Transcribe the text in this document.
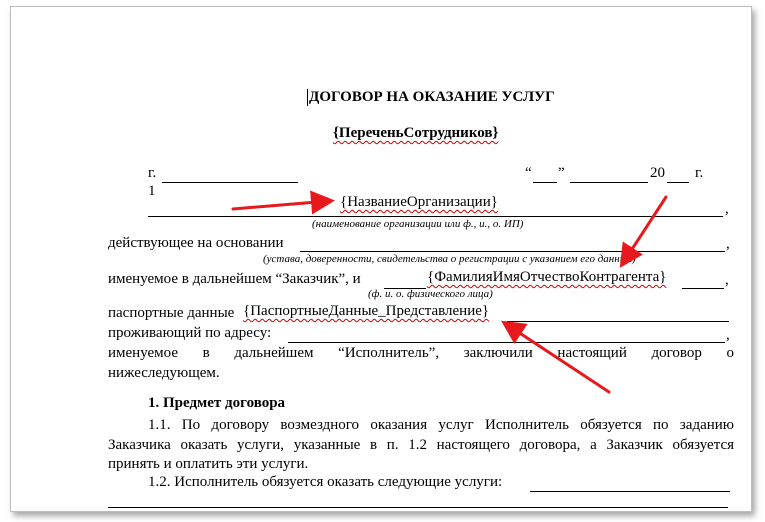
ДОГОВОР НА ОКАЗАНИЕ УСЛУГ
{ПереченьСотрудников}
г.	“ ”	20 г.
1
{НазваниеОрганизации}	,
(наименование организации или ф., и., о. ИП)
действующее на основании	,
(устава, доверенности, свидетельства о регистрации с указанием его данных)
именуемое в дальнейшем “Заказчик”, и	{ФамилияИмяОтчествоКонтрагента}	,
(ф. и. о. физического лица)
паспортные данные {ПаспортныеДанные_Представление}
проживающий по адресу:	,
именуемое в дальнейшем “Исполнитель”, заключили настоящий договор о
нижеследующем.
1. Предмет договора
1.1. По договору возмездного оказания услуг Исполнитель обязуется по заданию
Заказчика оказать услуги, указанные в п. 1.2 настоящего договора, а Заказчик обязуется
принять и оплатить эти услуги.
1.2. Исполнитель обязуется оказать следующие услуги:
